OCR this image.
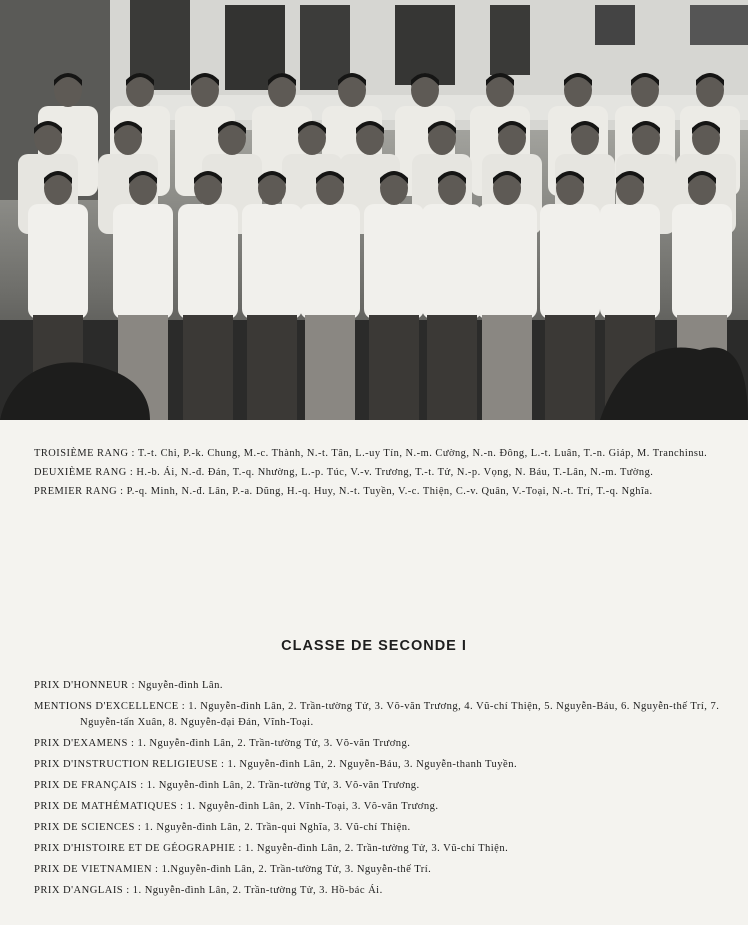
TROISIÈME RANG : T.-t. Chi, P.-k. Chung, M.-c. Thành, N.-t. Tân, L.-uy Tín, N.-m. Cường, N.-n. Đông, L.-t. Luân, T.-n. Giáp, M. Tranchinsu.

DEUXIÈME RANG : H.-b. Ái, N.-đ. Đán, T.-q. Nhường, L.-p. Túc, V.-v. Trương, T.-t. Tử, N.-p. Vọng, N. Báu, T.-Lân, N.-m. Tường.

PREMIER RANG : P.-q. Minh, N.-đ. Lân, P.-a. Dũng, H.-q. Huy, N.-t. Tuyền, V.-c. Thiện, C.-v. Quân, V.-Toại, N.-t. Trí, T.-q. Nghĩa.

CLASSE DE SECONDE I

PRIX D'HONNEUR : Nguyễn-đình Lân.

MENTIONS D'EXCELLENCE : 1. Nguyễn-đình Lân, 2. Trần-tường Tử, 3. Võ-văn Trương, 4. Vũ-chí Thiện, 5. Nguyễn-Báu, 6. Nguyễn-thế Trí, 7. Nguyễn-tấn Xuân, 8. Nguyễn-đại Đán, Vĩnh-Toại.

PRIX D'EXAMENS : 1. Nguyễn-đình Lân, 2. Trần-tường Tử, 3. Võ-văn Trương.

PRIX D'INSTRUCTION RELIGIEUSE : 1. Nguyễn-đình Lân, 2. Nguyễn-Báu, 3. Nguyễn-thanh Tuyền.

PRIX DE FRANÇAIS : 1. Nguyễn-đình Lân, 2. Trần-tường Tử, 3. Võ-văn Trương.

PRIX DE MATHÉMATIQUES : 1. Nguyễn-đình Lân, 2. Vĩnh-Toại, 3. Võ-văn Trương.

PRIX DE SCIENCES : 1. Nguyễn-đình Lân, 2. Trần-qui Nghĩa, 3. Vũ-chí Thiện.

PRIX D'HISTOIRE ET DE GÉOGRAPHIE : 1. Nguyễn-đình Lân, 2. Trần-tường Tử, 3. Vũ-chí Thiện.

PRIX DE VIETNAMIEN : 1.Nguyễn-đình Lân, 2. Trần-tường Tử, 3. Nguyễn-thế Trí.

PRIX D'ANGLAIS : 1. Nguyễn-đình Lân, 2. Trần-tường Tử, 3. Hồ-bác Ái.
